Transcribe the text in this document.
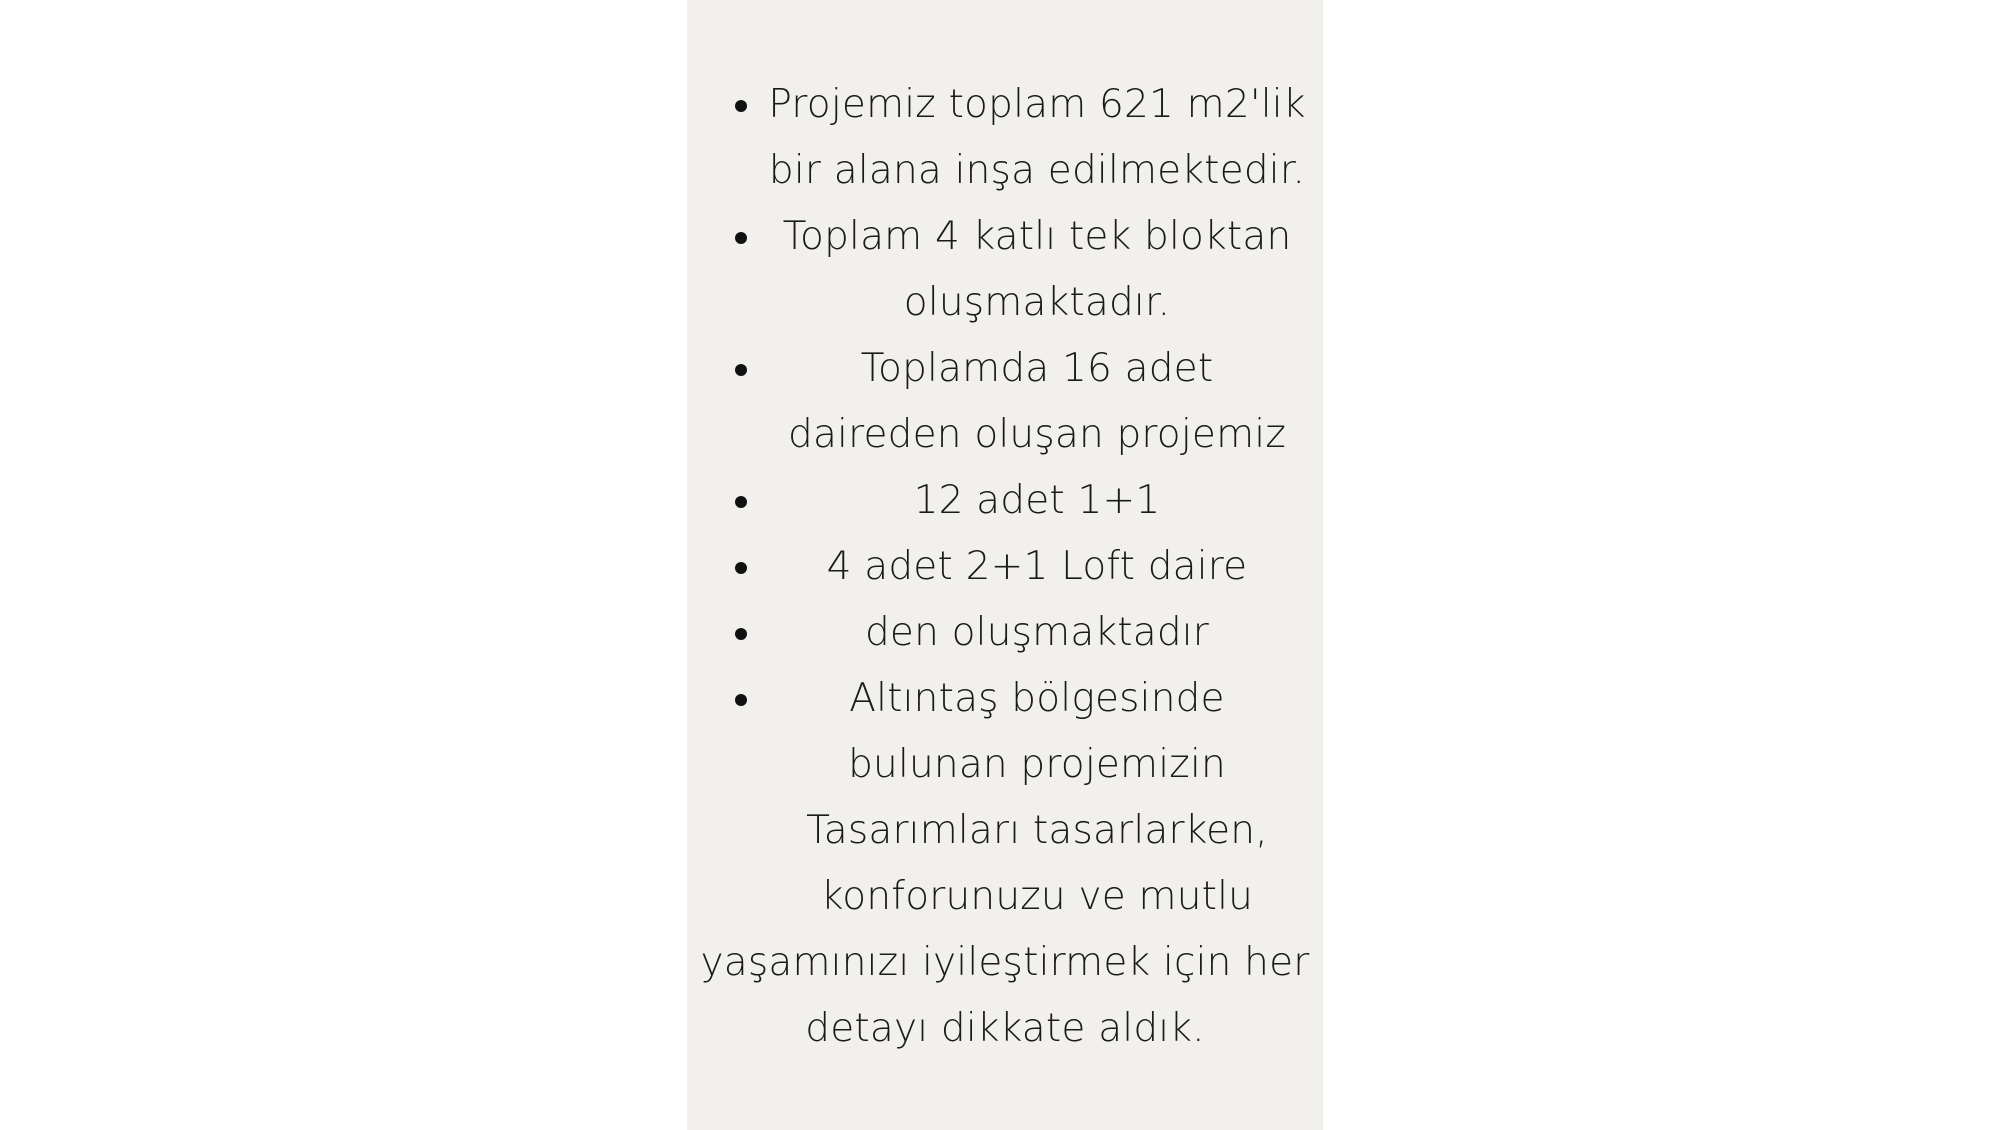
Projemiz toplam 621 m2'lik
bir alana inşa edilmektedir.
Toplam 4 katlı tek bloktan
oluşmaktadır.
Toplamda 16 adet
daireden oluşan projemiz
12 adet 1+1
4 adet 2+1 Loft daire
den oluşmaktadır
Altıntaş bölgesinde
bulunan projemizin
Tasarımları tasarlarken,
konforunuzu ve mutlu
yaşamınızı iyileştirmek için her
detayı dikkate aldık.
